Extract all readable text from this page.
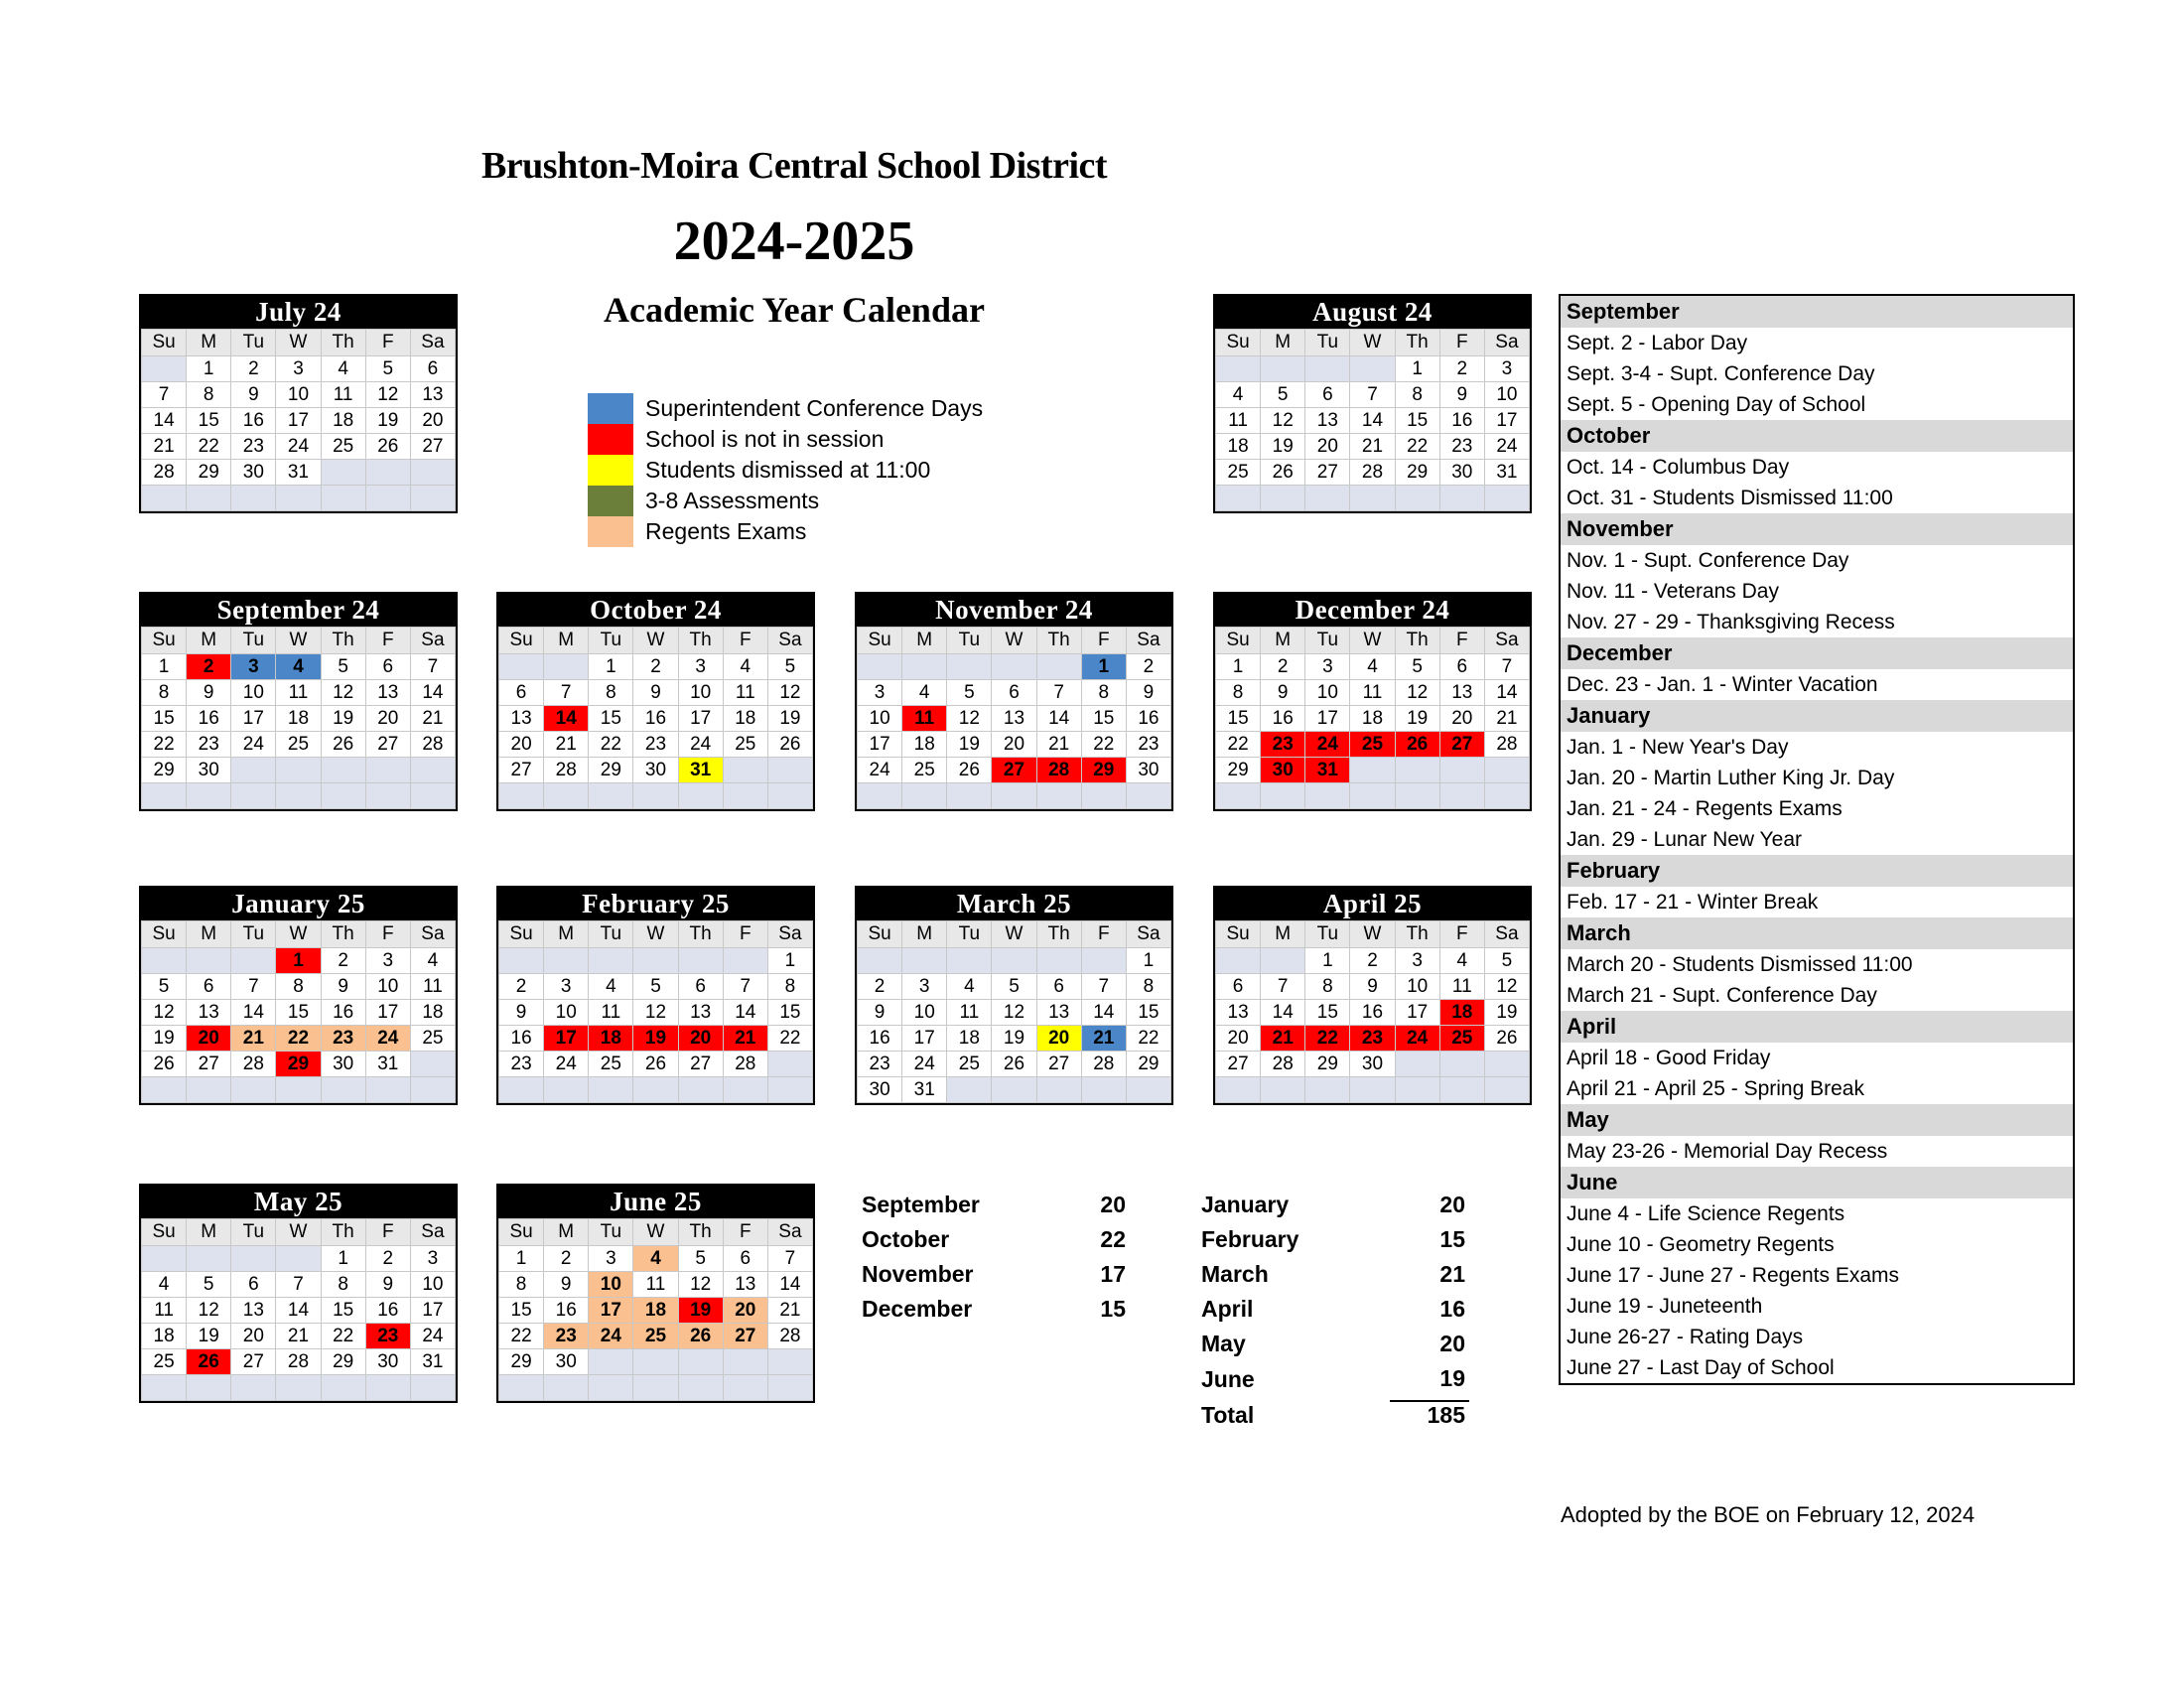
Brushton-Moira Central School District
2024-2025
Academic Year Calendar
Superintendent Conference Days
School is not in session
Students dismissed at 11:00
3-8 Assessments
Regents Exams
July 24
Su	M	Tu	W	Th	F	Sa
	1	2	3	4	5	6
7	8	9	10	11	12	13
14	15	16	17	18	19	20
21	22	23	24	25	26	27
28	29	30	31			

August 24
Su	M	Tu	W	Th	F	Sa
				1	2	3
4	5	6	7	8	9	10
11	12	13	14	15	16	17
18	19	20	21	22	23	24
25	26	27	28	29	30	31

September 24
Su	M	Tu	W	Th	F	Sa
1	2	3	4	5	6	7
8	9	10	11	12	13	14
15	16	17	18	19	20	21
22	23	24	25	26	27	28
29	30					

October 24
Su	M	Tu	W	Th	F	Sa
		1	2	3	4	5
6	7	8	9	10	11	12
13	14	15	16	17	18	19
20	21	22	23	24	25	26
27	28	29	30	31		

November 24
Su	M	Tu	W	Th	F	Sa
					1	2
3	4	5	6	7	8	9
10	11	12	13	14	15	16
17	18	19	20	21	22	23
24	25	26	27	28	29	30

December 24
Su	M	Tu	W	Th	F	Sa
1	2	3	4	5	6	7
8	9	10	11	12	13	14
15	16	17	18	19	20	21
22	23	24	25	26	27	28
29	30	31				

January 25
Su	M	Tu	W	Th	F	Sa
			1	2	3	4
5	6	7	8	9	10	11
12	13	14	15	16	17	18
19	20	21	22	23	24	25
26	27	28	29	30	31	

February 25
Su	M	Tu	W	Th	F	Sa
						1
2	3	4	5	6	7	8
9	10	11	12	13	14	15
16	17	18	19	20	21	22
23	24	25	26	27	28	

March 25
Su	M	Tu	W	Th	F	Sa
						1
2	3	4	5	6	7	8
9	10	11	12	13	14	15
16	17	18	19	20	21	22
23	24	25	26	27	28	29
30	31					
April 25
Su	M	Tu	W	Th	F	Sa
		1	2	3	4	5
6	7	8	9	10	11	12
13	14	15	16	17	18	19
20	21	22	23	24	25	26
27	28	29	30			

May 25
Su	M	Tu	W	Th	F	Sa
				1	2	3
4	5	6	7	8	9	10
11	12	13	14	15	16	17
18	19	20	21	22	23	24
25	26	27	28	29	30	31

June 25
Su	M	Tu	W	Th	F	Sa
1	2	3	4	5	6	7
8	9	10	11	12	13	14
15	16	17	18	19	20	21
22	23	24	25	26	27	28
29	30					

September	20		January	20
October	22		February	15
November	17		March	21
December	15		April	16
			May	20
			June	19
			Total	185
September
Sept. 2 - Labor Day
Sept. 3-4 - Supt. Conference Day
Sept. 5 - Opening Day of School
October
Oct. 14 - Columbus Day
Oct. 31 - Students Dismissed 11:00
November
Nov. 1 - Supt. Conference Day
Nov. 11 - Veterans Day
Nov. 27 - 29 - Thanksgiving Recess
December
Dec. 23 - Jan. 1 - Winter Vacation
January
Jan. 1 - New Year's Day
Jan. 20 - Martin Luther King Jr. Day
Jan. 21 - 24 - Regents Exams
Jan. 29 - Lunar New Year
February
Feb. 17 - 21 - Winter Break
March
March 20 - Students Dismissed 11:00
March 21 - Supt. Conference Day
April
April 18 - Good Friday
April 21 - April 25 - Spring Break
May
May 23-26 - Memorial Day Recess
June
June 4 - Life Science Regents
June 10 - Geometry Regents
June 17 - June 27 - Regents Exams
June 19 - Juneteenth
June 26-27 - Rating Days
June 27 - Last Day of School
Adopted by the BOE on February 12, 2024
